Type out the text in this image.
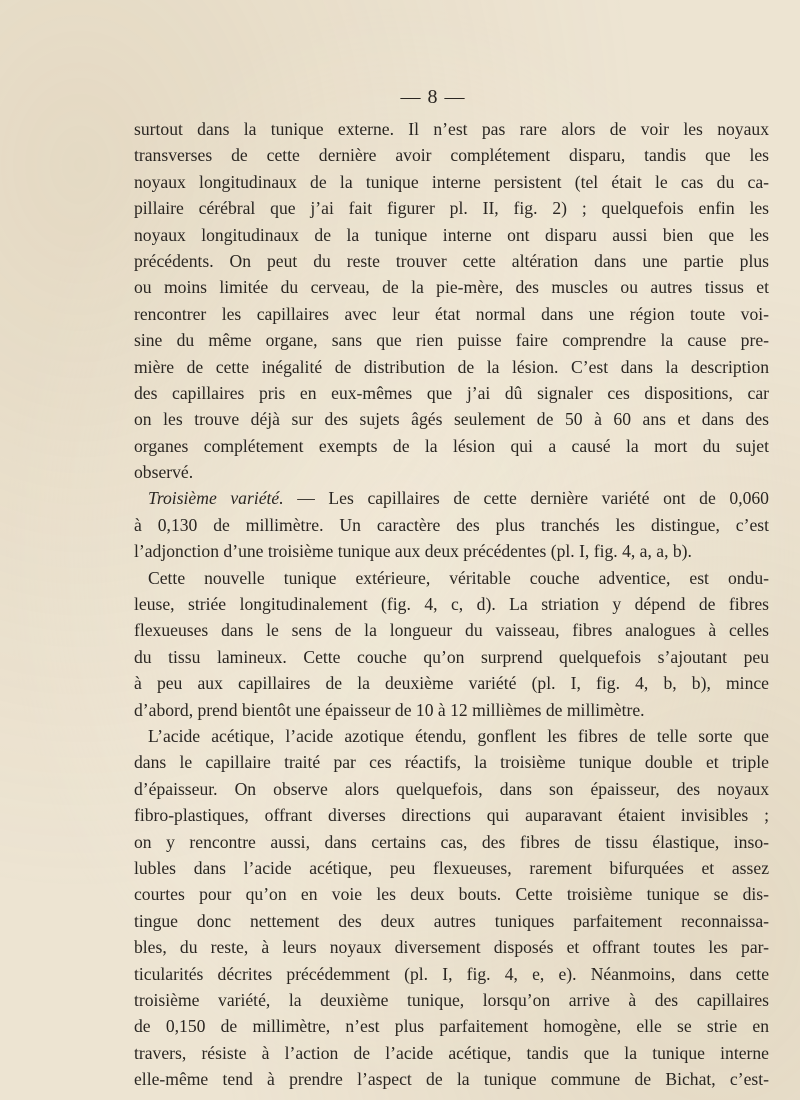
— 8 —
surtout dans la tunique externe. Il n’est pas rare alors de voir les noyaux
transverses de cette dernière avoir complétement disparu, tandis que les
noyaux longitudinaux de la tunique interne persistent (tel était le cas du ca-
pillaire cérébral que j’ai fait figurer pl. II, fig. 2) ; quelquefois enfin les
noyaux longitudinaux de la tunique interne ont disparu aussi bien que les
précédents. On peut du reste trouver cette altération dans une partie plus
ou moins limitée du cerveau, de la pie-mère, des muscles ou autres tissus et
rencontrer les capillaires avec leur état normal dans une région toute voi-
sine du même organe, sans que rien puisse faire comprendre la cause pre-
mière de cette inégalité de distribution de la lésion. C’est dans la description
des capillaires pris en eux-mêmes que j’ai dû signaler ces dispositions, car
on les trouve déjà sur des sujets âgés seulement de 50 à 60 ans et dans des
organes complétement exempts de la lésion qui a causé la mort du sujet
observé.
Troisième variété. — Les capillaires de cette dernière variété ont de 0,060
à 0,130 de millimètre. Un caractère des plus tranchés les distingue, c’est
l’adjonction d’une troisième tunique aux deux précédentes (pl. I, fig. 4, a, a, b).
Cette nouvelle tunique extérieure, véritable couche adventice, est ondu-
leuse, striée longitudinalement (fig. 4, c, d). La striation y dépend de fibres
flexueuses dans le sens de la longueur du vaisseau, fibres analogues à celles
du tissu lamineux. Cette couche qu’on surprend quelquefois s’ajoutant peu
à peu aux capillaires de la deuxième variété (pl. I, fig. 4, b, b), mince
d’abord, prend bientôt une épaisseur de 10 à 12 millièmes de millimètre.
L’acide acétique, l’acide azotique étendu, gonflent les fibres de telle sorte que
dans le capillaire traité par ces réactifs, la troisième tunique double et triple
d’épaisseur. On observe alors quelquefois, dans son épaisseur, des noyaux
fibro-plastiques, offrant diverses directions qui auparavant étaient invisibles ;
on y rencontre aussi, dans certains cas, des fibres de tissu élastique, inso-
lubles dans l’acide acétique, peu flexueuses, rarement bifurquées et assez
courtes pour qu’on en voie les deux bouts. Cette troisième tunique se dis-
tingue donc nettement des deux autres tuniques parfaitement reconnaissa-
bles, du reste, à leurs noyaux diversement disposés et offrant toutes les par-
ticularités décrites précédemment (pl. I, fig. 4, e, e). Néanmoins, dans cette
troisième variété, la deuxième tunique, lorsqu’on arrive à des capillaires
de 0,150 de millimètre, n’est plus parfaitement homogène, elle se strie en
travers, résiste à l’action de l’acide acétique, tandis que la tunique interne
elle-même tend à prendre l’aspect de la tunique commune de Bichat, c’est-
